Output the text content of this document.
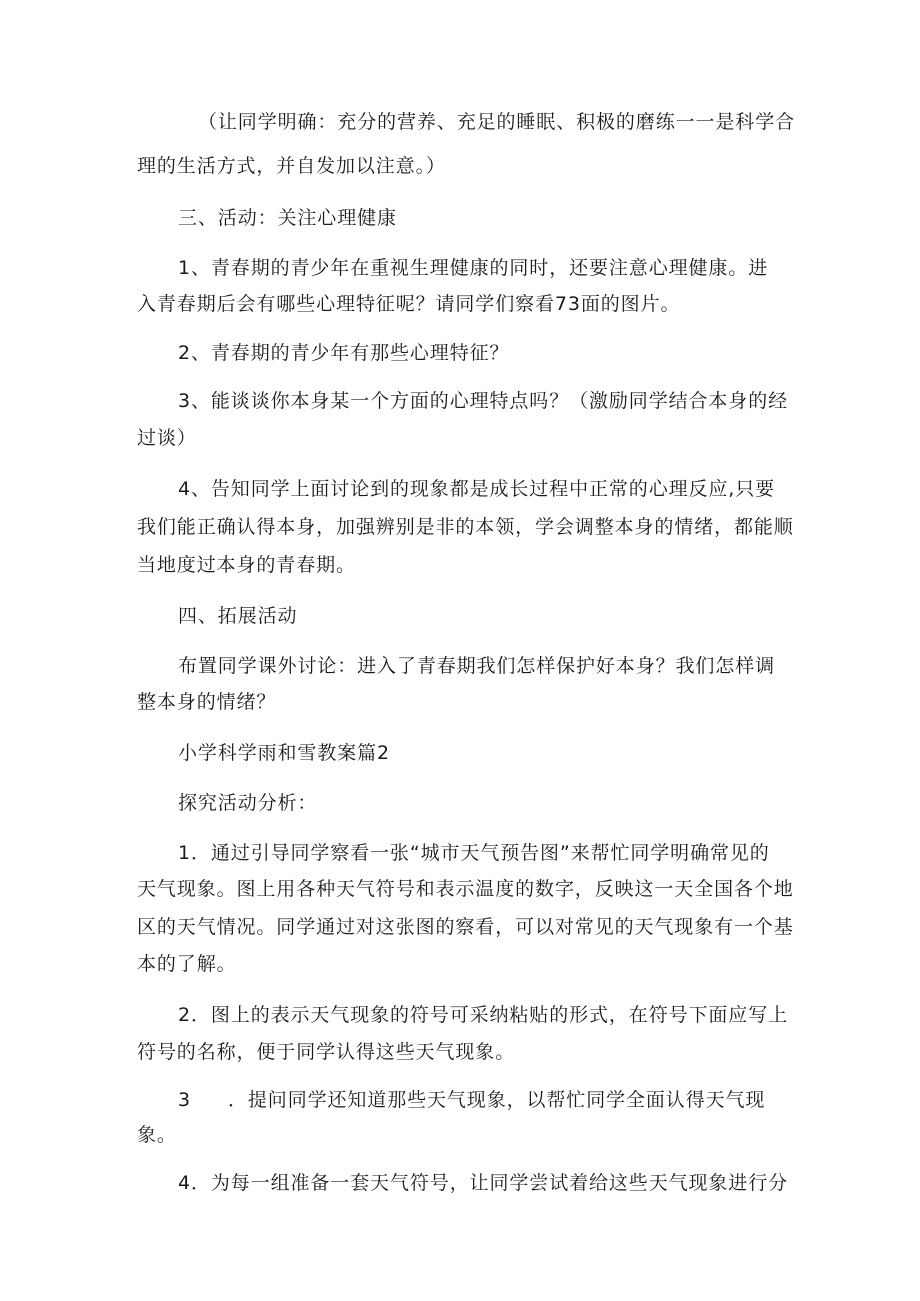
（让同学明确：充分的营养、充足的睡眠、积极的磨练一一是科学合
理的生活方式，并自发加以注意。）
三、活动：关注心理健康
1、青春期的青少年在重视生理健康的同时，还要注意心理健康。进
入青春期后会有哪些心理特征呢？请同学们察看73面的图片。
2、青春期的青少年有那些心理特征？
3、能谈谈你本身某一个方面的心理特点吗？（激励同学结合本身的经
过谈）
4、告知同学上面讨论到的现象都是成长过程中正常的心理反应,只要
我们能正确认得本身，加强辨别是非的本领，学会调整本身的情绪，都能顺
当地度过本身的青春期。
四、拓展活动
布置同学课外讨论：进入了青春期我们怎样保护好本身？我们怎样调
整本身的情绪？
小学科学雨和雪教案篇2
探究活动分析：
1．通过引导同学察看一张“城市天气预告图”来帮忙同学明确常见的
天气现象。图上用各种天气符号和表示温度的数字，反映这一天全国各个地
区的天气情况。同学通过对这张图的察看，可以对常见的天气现象有一个基
本的了解。
2．图上的表示天气现象的符号可采纳粘贴的形式，在符号下面应写上
符号的名称，便于同学认得这些天气现象。
3 ．提问同学还知道那些天气现象，以帮忙同学全面认得天气现
象。
4．为每一组准备一套天气符号，让同学尝试着给这些天气现象进行分
